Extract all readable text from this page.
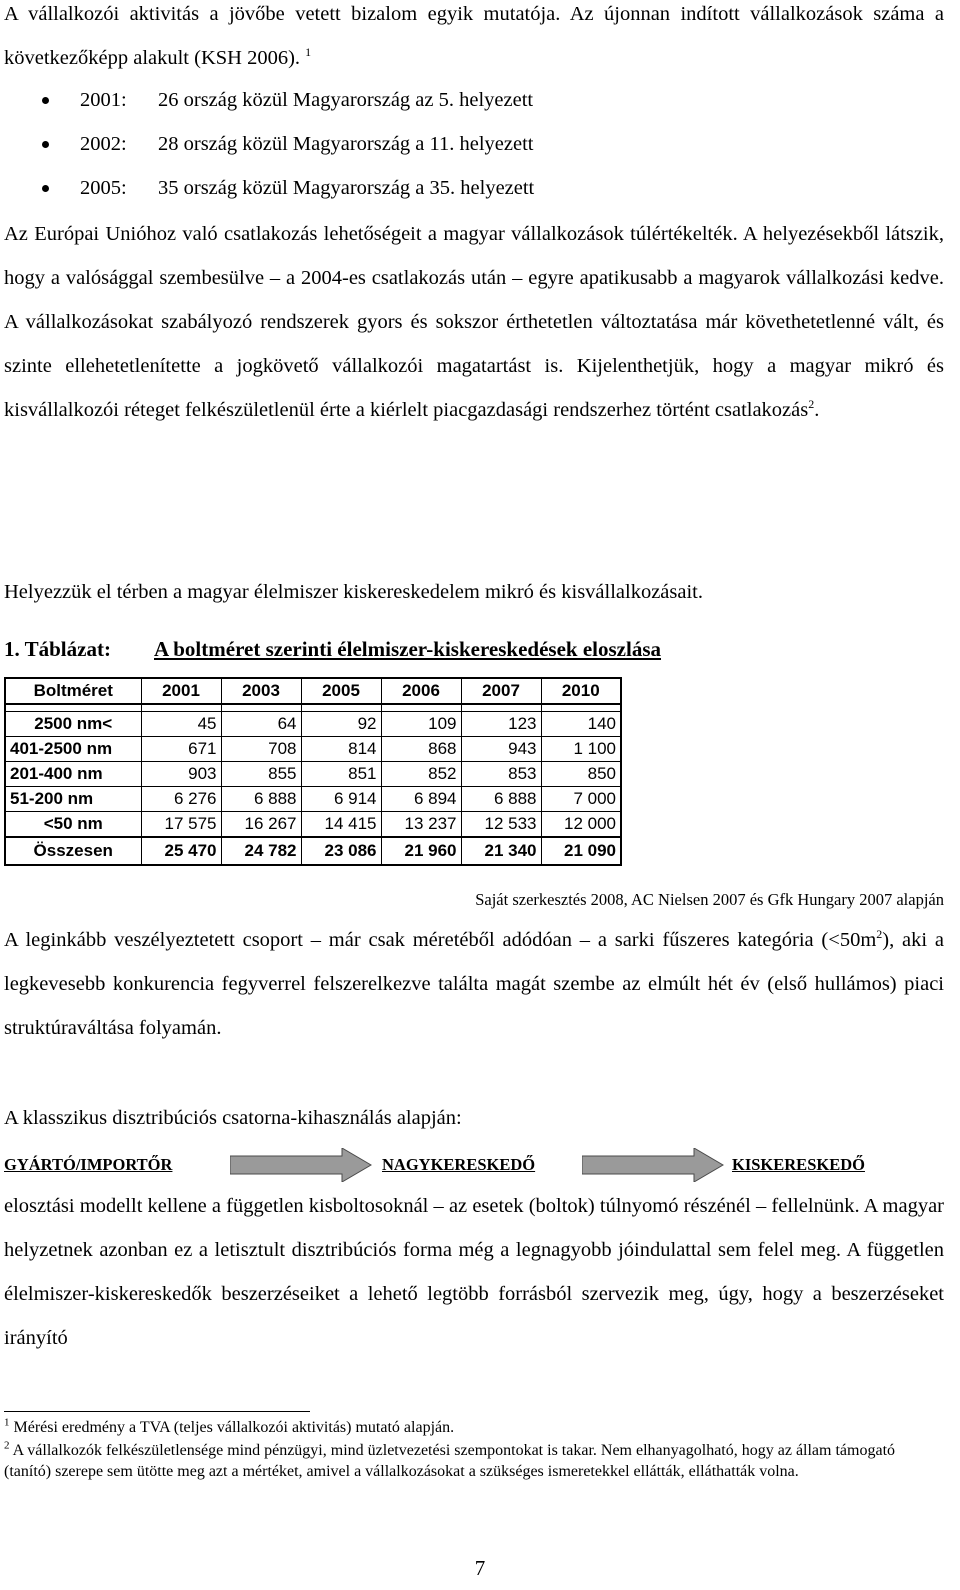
A vállalkozói aktivitás a jövőbe vetett bizalom egyik mutatója. Az újonnan indított vállalkozások száma a következőképp alakult (KSH 2006). $^1$

2001: 26 ország közül Magyarország az 5. helyezett
2002: 28 ország közül Magyarország a 11. helyezett
2005: 35 ország közül Magyarország a 35. helyezett

Az Európai Unióhoz való csatlakozás lehetőségeit a magyar vállalkozások túlértékelték. A helyezésekből látszik, hogy a valósággal szembesülve – a 2004-es csatlakozás után – egyre apatikusabb a magyarok vállalkozási kedve. A vállalkozásokat szabályozó rendszerek gyors és sokszor érthetetlen változtatása már követhetetlenné vált, és szinte ellehetetlenítette a jogkövető vállalkozói magatartást is. Kijelenthetjük, hogy a magyar mikró és kisvállalkozói réteget felkészületlenül érte a kiérlelt piacgazdasági rendszerhez történt csatlakozás$^2$.

Helyezzük el térben a magyar élelmiszer kiskereskedelem mikró és kisvállalkozásait.

1. Táblázat: A boltméret szerinti élelmiszer-kiskereskedések eloszlása
Boltméret	2001	2003	2005	2006	2007	2010

2500 nm<	45	64	92	109	123	140
401-2500 nm	671	708	814	868	943	1 100
201-400 nm	903	855	851	852	853	850
51-200 nm	6 276	6 888	6 914	6 894	6 888	7 000
<50 nm	17 575	16 267	14 415	13 237	12 533	12 000
Összesen	25 470	24 782	23 086	21 960	21 340	21 090
Saját szerkesztés 2008, AC Nielsen 2007 és Gfk Hungary 2007 alapján

A leginkább veszélyeztetett csoport – már csak méretéből adódóan – a sarki fűszeres kategória $(<50m^2)$, aki a legkevesebb konkurencia fegyverrel felszerelkezve találta magát szembe az elmúlt hét év (első hullámos) piaci struktúraváltása folyamán.

A klasszikus disztribúciós csatorna-kihasználás alapján:

GYÁRTÓ/IMPORTŐR	NAGYKERESKEDŐ	KISKERESKEDŐ

elosztási modellt kellene a független kisboltosoknál – az esetek (boltok) túlnyomó részénél – fellelnünk. A magyar helyzetnek azonban ez a letisztult disztribúciós forma még a legnagyobb jóindulattal sem felel meg. A független élelmiszer-kiskereskedők beszerzéseiket a lehető legtöbb forrásból szervezik meg, úgy, hogy a beszerzéseket irányító

$^1$ Mérési eredmény a TVA (teljes vállalkozói aktivitás) mutató alapján.

$^2$ A vállalkozók felkészületlensége mind pénzügyi, mind üzletvezetési szempontokat is takar. Nem elhanyagolható, hogy az állam támogató (tanító) szerepe sem ütötte meg azt a mértéket, amivel a vállalkozásokat a szükséges ismeretekkel ellátták, elláthatták volna.

7
